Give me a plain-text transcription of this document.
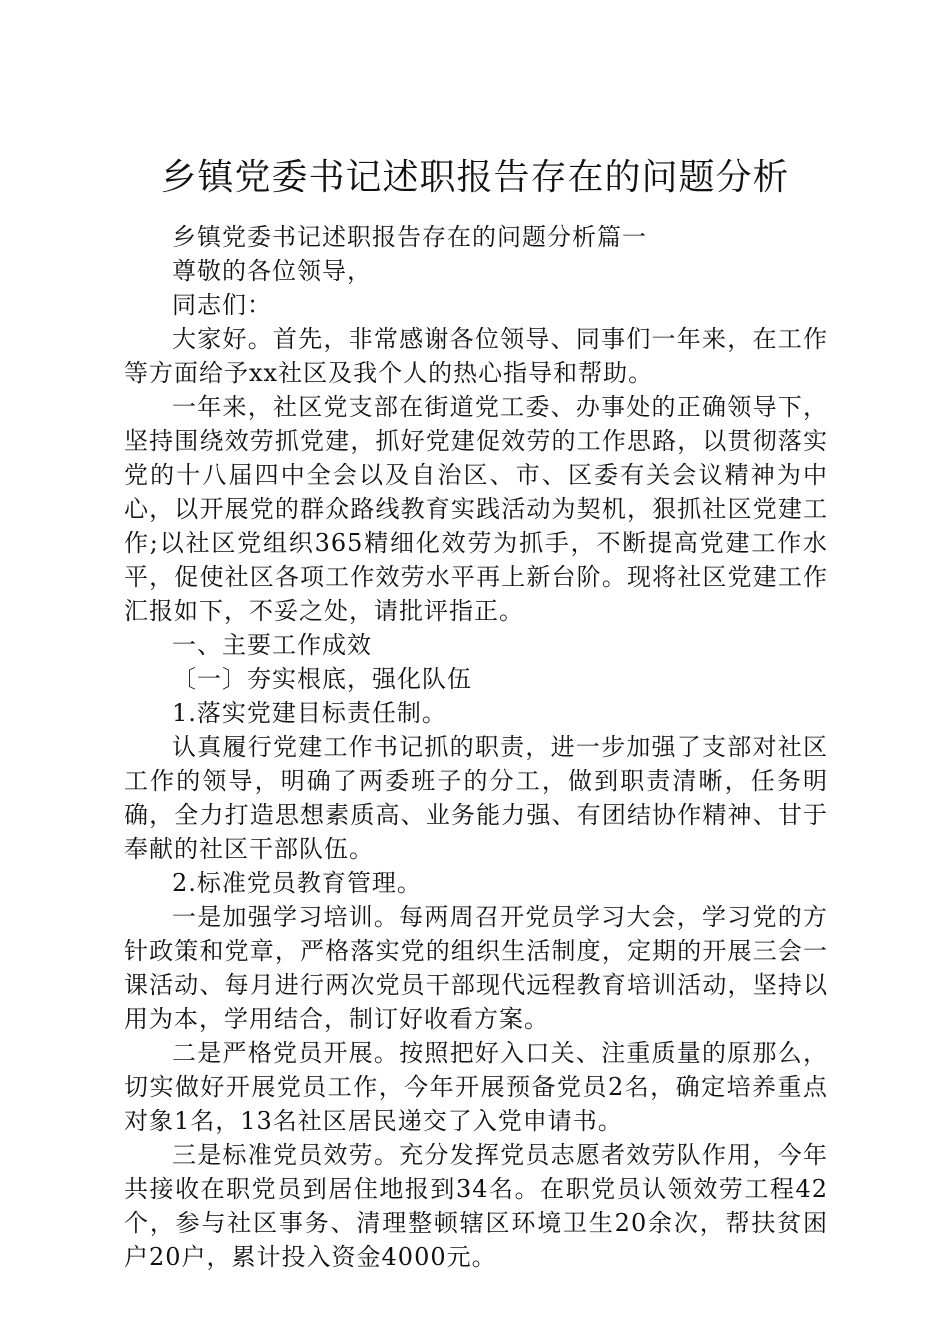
乡镇党委书记述职报告存在的问题分析

乡镇党委书记述职报告存在的问题分析篇一

尊敬的各位领导，

同志们：

大家好。首先，非常感谢各位领导、同事们一年来，在工作等方面给予xx社区及我个人的热心指导和帮助。

一年来，社区党支部在街道党工委、办事处的正确领导下，坚持围绕效劳抓党建，抓好党建促效劳的工作思路，以贯彻落实党的十八届四中全会以及自治区、市、区委有关会议精神为中心，以开展党的群众路线教育实践活动为契机，狠抓社区党建工作;以社区党组织365精细化效劳为抓手，不断提高党建工作水平，促使社区各项工作效劳水平再上新台阶。现将社区党建工作汇报如下，不妥之处，请批评指正。

一、主要工作成效

〔一〕夯实根底，强化队伍

1.落实党建目标责任制。

认真履行党建工作书记抓的职责，进一步加强了支部对社区工作的领导，明确了两委班子的分工，做到职责清晰，任务明确，全力打造思想素质高、业务能力强、有团结协作精神、甘于奉献的社区干部队伍。

2.标准党员教育管理。

一是加强学习培训。每两周召开党员学习大会，学习党的方针政策和党章，严格落实党的组织生活制度，定期的开展三会一课活动、每月进行两次党员干部现代远程教育培训活动，坚持以用为本，学用结合，制订好收看方案。

二是严格党员开展。按照把好入口关、注重质量的原那么，切实做好开展党员工作，今年开展预备党员2名，确定培养重点对象1名，13名社区居民递交了入党申请书。

三是标准党员效劳。充分发挥党员志愿者效劳队作用，今年共接收在职党员到居住地报到34名。在职党员认领效劳工程42个，参与社区事务、清理整顿辖区环境卫生20余次，帮扶贫困户20户，累计投入资金4000元。
